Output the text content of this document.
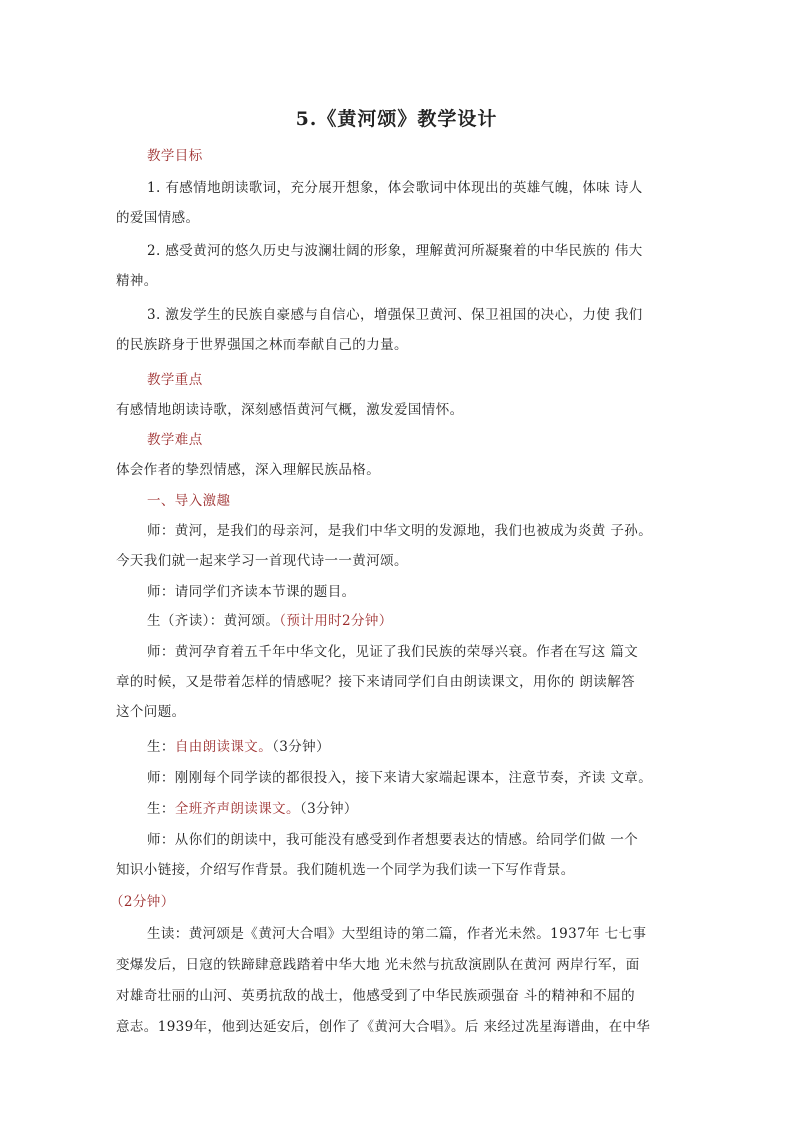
5.《黄河颂》教学设计
教学目标
1. 有感情地朗读歌词，充分展开想象，体会歌词中体现出的英雄气魄，体味 诗人
的爱国情感。
2. 感受黄河的悠久历史与波澜壮阔的形象，理解黄河所凝聚着的中华民族的 伟大
精神。
3. 激发学生的民族自豪感与自信心，增强保卫黄河、保卫祖国的决心，力使 我们
的民族跻身于世界强国之林而奉献自己的力量。
教学重点
有感情地朗读诗歌，深刻感悟黄河气概，激发爱国情怀。
教学难点
体会作者的挚烈情感，深入理解民族品格。
一、导入激趣
师：黄河，是我们的母亲河，是我们中华文明的发源地，我们也被成为炎黄 子孙。
今天我们就一起来学习一首现代诗一一黄河颂。
师：请同学们齐读本节课的题目。
生（齐读）：黄河颂。（预计用时2分钟）
师：黄河孕育着五千年中华文化，见证了我们民族的荣辱兴衰。作者在写这 篇文
章的时候，又是带着怎样的情感呢？接下来请同学们自由朗读课文，用你的 朗读解答
这个问题。
生：自由朗读课文。（3分钟）
师：刚刚每个同学读的都很投入，接下来请大家端起课本，注意节奏，齐读 文章。
生：全班齐声朗读课文。（3分钟）
师：从你们的朗读中，我可能没有感受到作者想要表达的情感。给同学们做 一个
知识小链接，介绍写作背景。我们随机选一个同学为我们读一下写作背景。
（2分钟）
生读：黄河颂是《黄河大合唱》大型组诗的第二篇，作者光未然。1937年 七七事
变爆发后，日寇的铁蹄肆意践踏着中华大地 光未然与抗敌演剧队在黄河 两岸行军，面
对雄奇壮丽的山河、英勇抗敌的战士，他感受到了中华民族顽强奋 斗的精神和不屈的
意志。1939年，他到达延安后，创作了《黄河大合唱》。后 来经过冼星海谱曲，在中华
